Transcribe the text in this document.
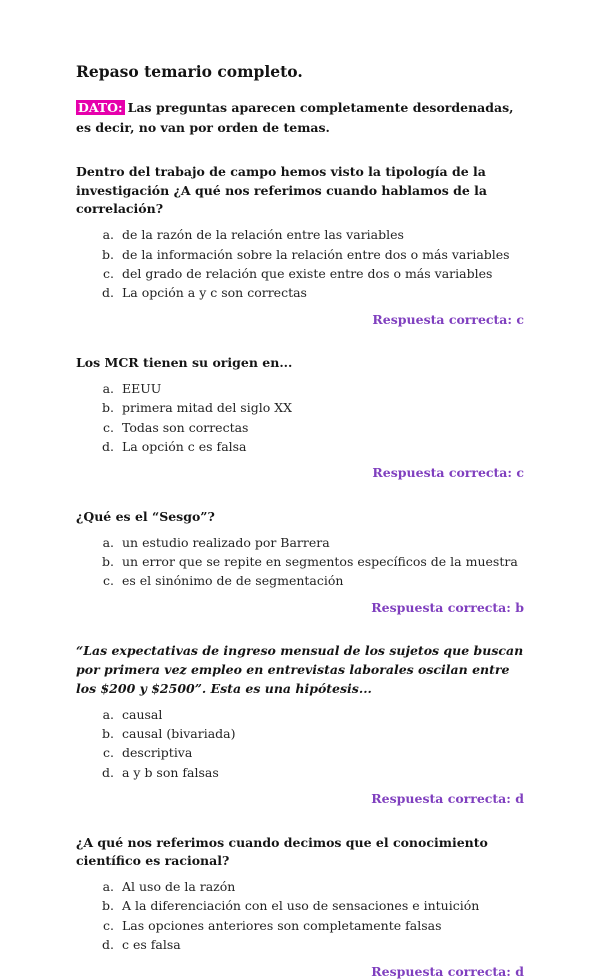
Repaso temario completo.

DATO: Las preguntas aparecen completamente desordenadas, es decir, no van por orden de temas.

Dentro del trabajo de campo hemos visto la tipología de la investigación ¿A qué nos referimos cuando hablamos de la correlación?

a. de la razón de la relación entre las variables
b. de la información sobre la relación entre dos o más variables
c. del grado de relación que existe entre dos o más variables
d. La opción a y c son correctas

Respuesta correcta: c

Los MCR tienen su origen en...

a. EEUU
b. primera mitad del siglo XX
c. Todas son correctas
d. La opción c es falsa

Respuesta correcta: c

¿Qué es el “Sesgo”?

a. un estudio realizado por Barrera
b. un error que se repite en segmentos específicos de la muestra
c. es el sinónimo de de segmentación

Respuesta correcta: b

“Las expectativas de ingreso mensual de los sujetos que buscan por primera vez empleo en entrevistas laborales oscilan entre los $200 y $2500”. Esta es una hipótesis...

a. causal
b. causal (bivariada)
c. descriptiva
d. a y b son falsas

Respuesta correcta: d

¿A qué nos referimos cuando decimos que el conocimiento científico es racional?

a. Al uso de la razón
b. A la diferenciación con el uso de sensaciones e intuición
c. Las opciones anteriores son completamente falsas
d. c es falsa

Respuesta correcta: d
